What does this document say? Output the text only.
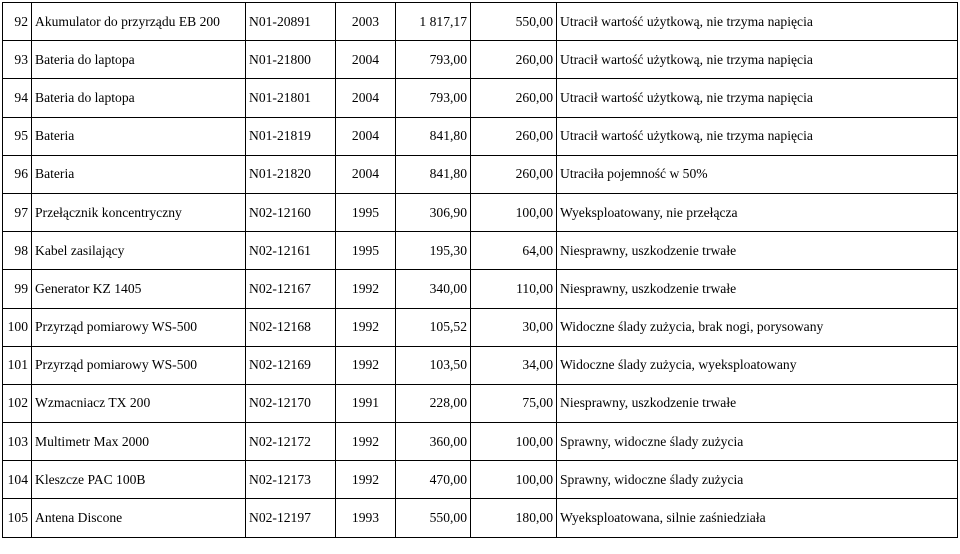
92	Akumulator do przyrządu EB 200	N01-20891	2003	1 817,17	550,00	Utracił wartość użytkową, nie trzyma napięcia
93	Bateria do laptopa	N01-21800	2004	793,00	260,00	Utracił wartość użytkową, nie trzyma napięcia
94	Bateria do laptopa	N01-21801	2004	793,00	260,00	Utracił wartość użytkową, nie trzyma napięcia
95	Bateria	N01-21819	2004	841,80	260,00	Utracił wartość użytkową, nie trzyma napięcia
96	Bateria	N01-21820	2004	841,80	260,00	Utraciła pojemność w 50%
97	Przełącznik koncentryczny	N02-12160	1995	306,90	100,00	Wyeksploatowany, nie przełącza
98	Kabel zasilający	N02-12161	1995	195,30	64,00	Niesprawny, uszkodzenie trwałe
99	Generator KZ 1405	N02-12167	1992	340,00	110,00	Niesprawny, uszkodzenie trwałe
100	Przyrząd pomiarowy WS-500	N02-12168	1992	105,52	30,00	Widoczne ślady zużycia, brak nogi, porysowany
101	Przyrząd pomiarowy WS-500	N02-12169	1992	103,50	34,00	Widoczne ślady zużycia, wyeksploatowany
102	Wzmacniacz TX 200	N02-12170	1991	228,00	75,00	Niesprawny, uszkodzenie trwałe
103	Multimetr Max 2000	N02-12172	1992	360,00	100,00	Sprawny, widoczne ślady zużycia
104	Kleszcze PAC 100B	N02-12173	1992	470,00	100,00	Sprawny, widoczne ślady zużycia
105	Antena Discone	N02-12197	1993	550,00	180,00	Wyeksploatowana, silnie zaśniedziała
